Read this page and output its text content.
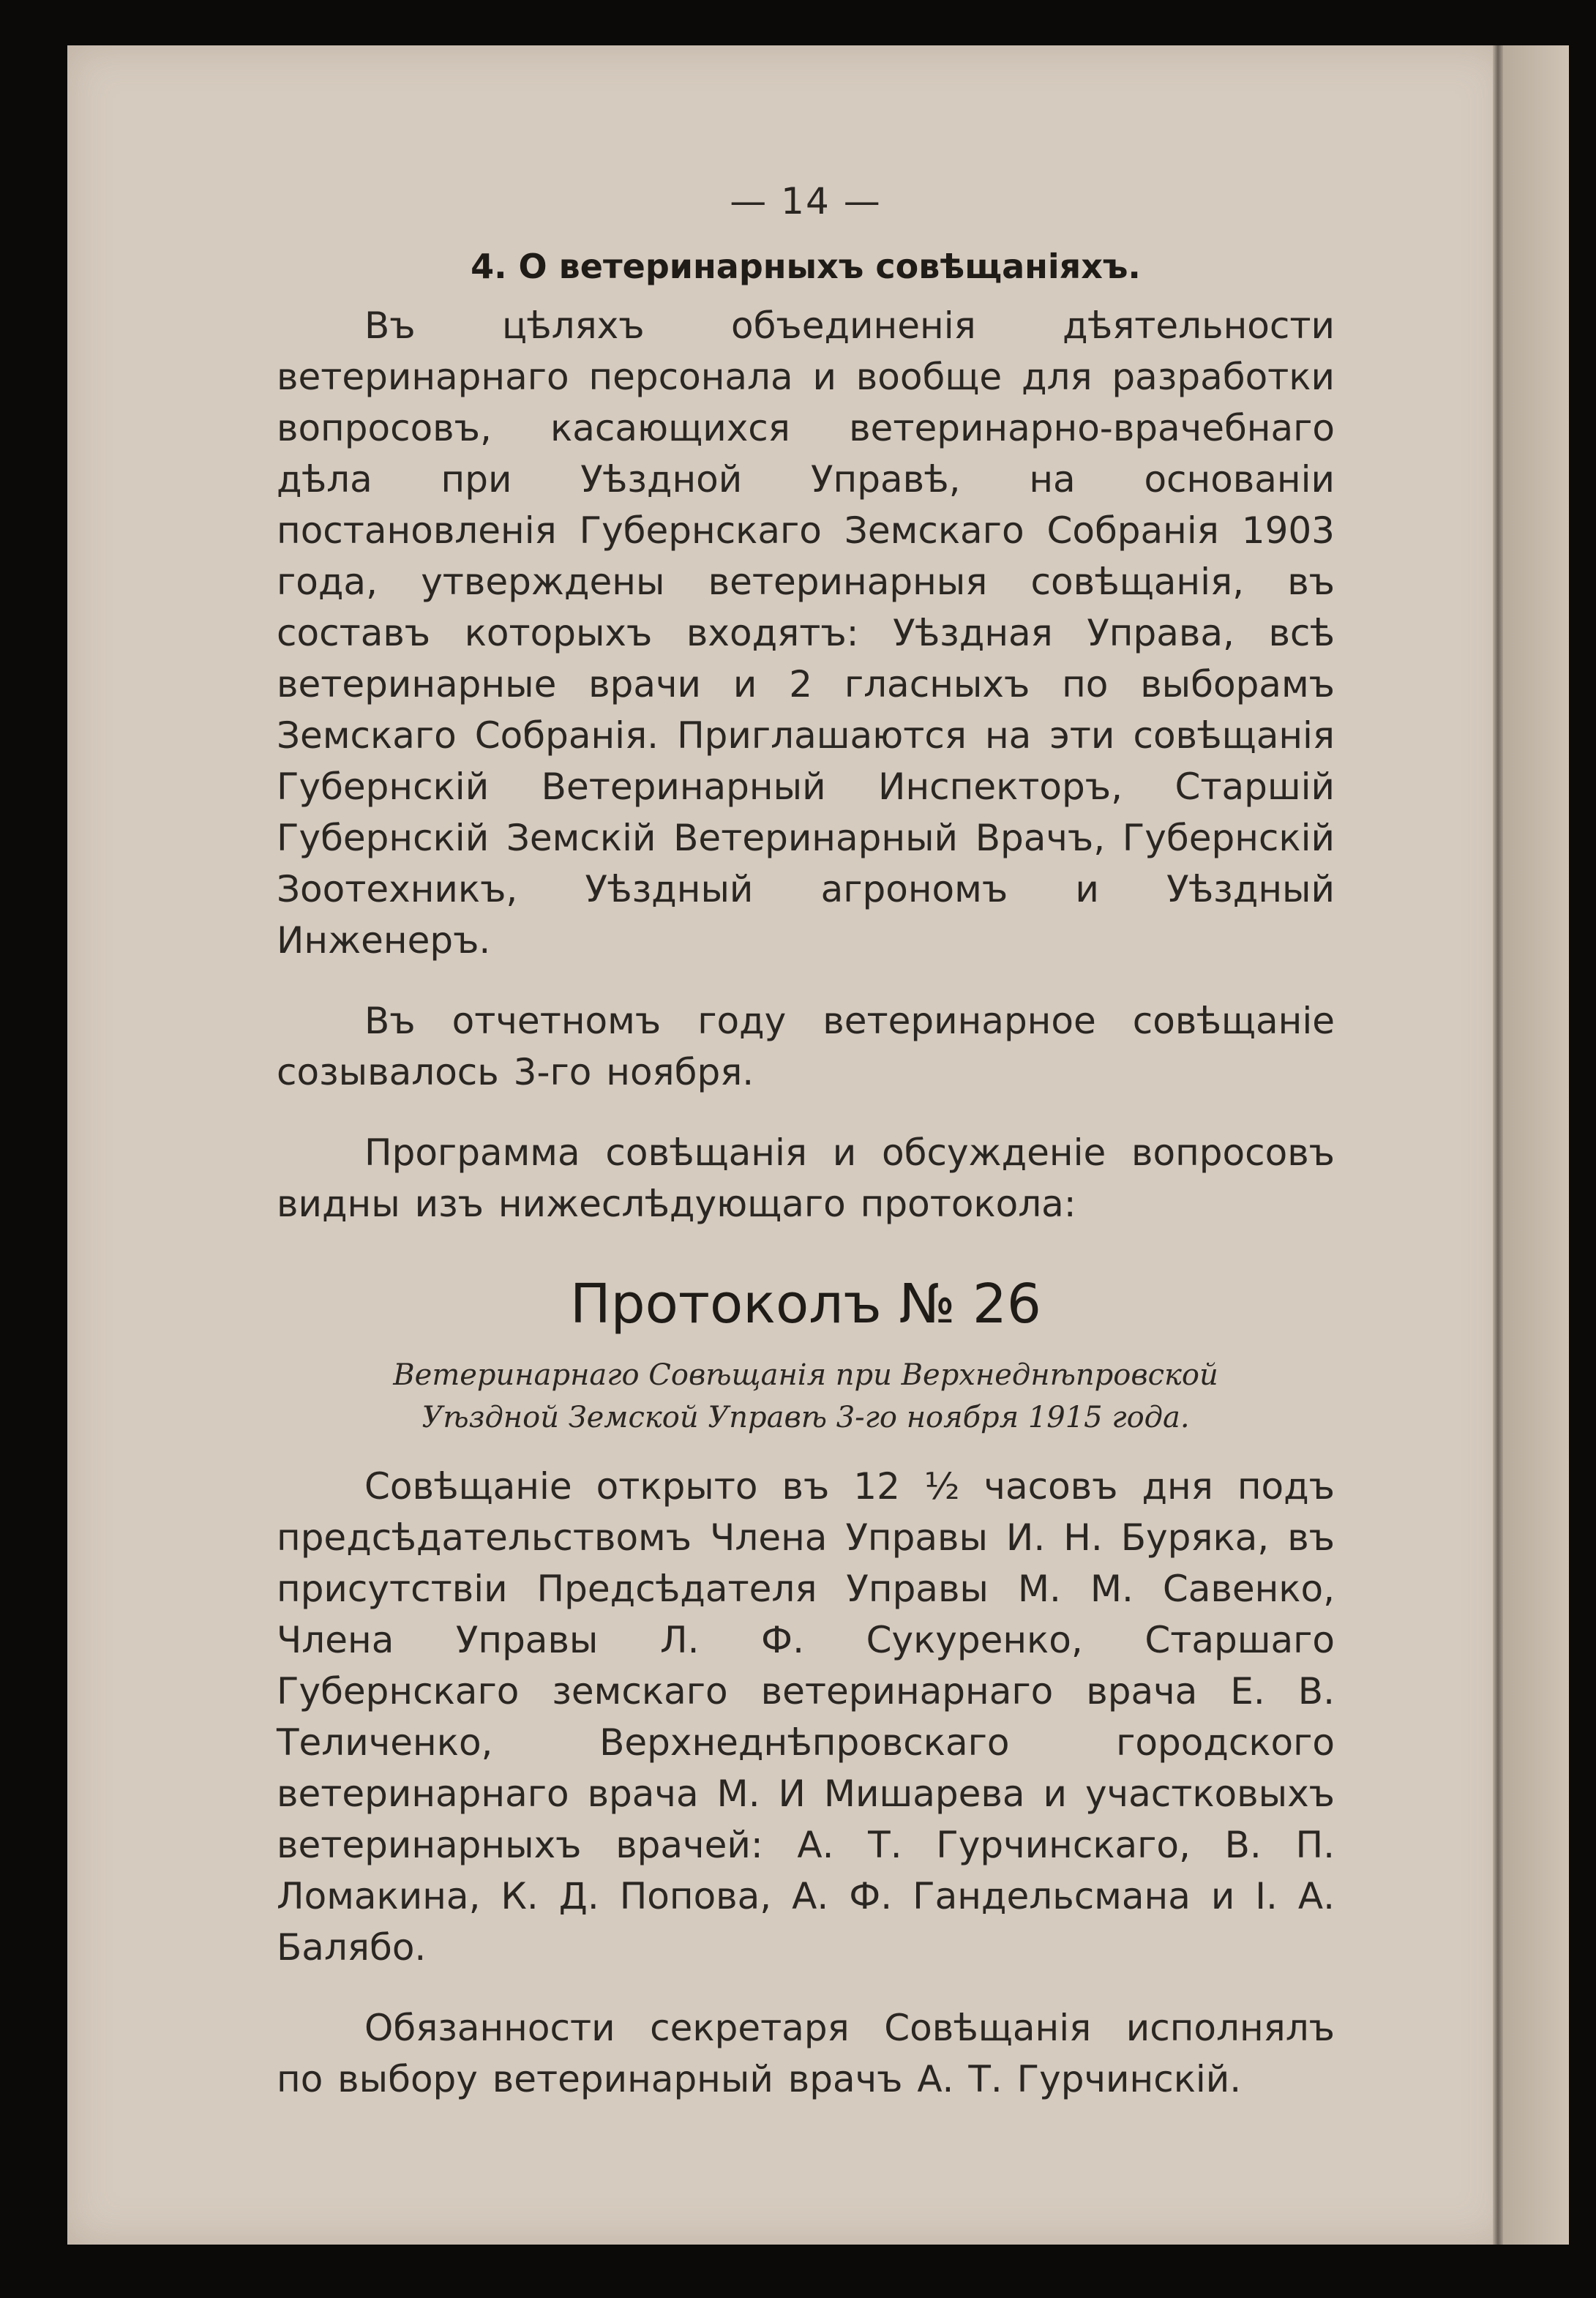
— 14 —
4. О ветеринарныхъ совѣщаніяхъ.

Въ цѣляхъ объединенія дѣятельности ветеринарнаго персонала и вообще для разработки вопросовъ, касающихся ветеринарно-врачебнаго дѣла при Уѣздной Управѣ, на основаніи постановленія Губернскаго Земскаго Собранія 1903 года, утверждены ветеринарныя совѣщанія, въ составъ которыхъ входятъ: Уѣздная Управа, всѣ ветеринарные врачи и 2 гласныхъ по выборамъ Земскаго Собранія. Приглашаются на эти совѣщанія Губернскій Ветеринарный Инспекторъ, Старшій Губернскій Земскій Ветеринарный Врачъ, Губернскій Зоотехникъ, Уѣздный агрономъ и Уѣздный Инженеръ.

Въ отчетномъ году ветеринарное совѣщаніе созывалось 3-го ноября.

Программа совѣщанія и обсужденіе вопросовъ видны изъ нижеслѣдующаго протокола:

Протоколъ № 26
Ветеринарнаго Совѣщанія при Верхнеднѣпровской Уѣздной Земской Управѣ 3-го ноября 1915 года.

Совѣщаніе открыто въ 12 ½ часовъ дня подъ предсѣдательствомъ Члена Управы И. Н. Буряка, въ присутствіи Предсѣдателя Управы М. М. Савенко, Члена Управы Л. Ф. Сукуренко, Старшаго Губернскаго земскаго ветеринарнаго врача Е. В. Теличенко, Верхнеднѣпровскаго городского ветеринарнаго врача М. И Мишарева и участковыхъ ветеринарныхъ врачей: А. Т. Гурчинскаго, В. П. Ломакина, К. Д. Попова, А. Ф. Гандельсмана и І. А. Балябо.

Обязанности секретаря Совѣщанія исполнялъ по выбору ветеринарный врачъ А. Т. Гурчинскій.
